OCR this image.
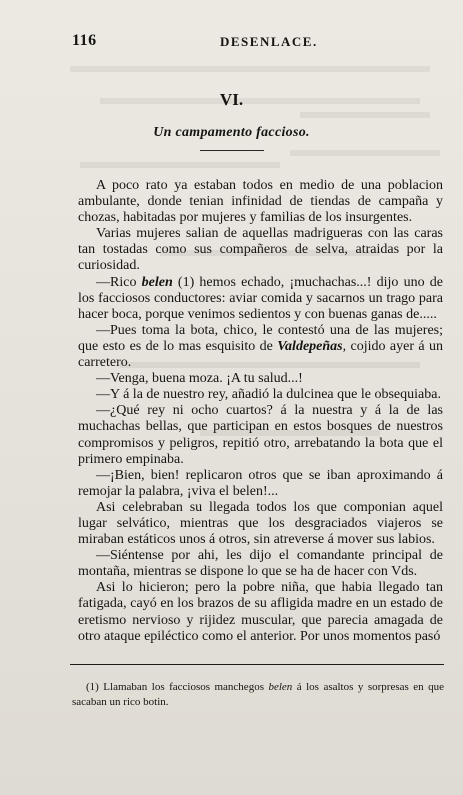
116	DESENLACE.
VI.
Un campamento faccioso.

A poco rato ya estaban todos en medio de una poblacion ambulante, donde tenian infinidad de tiendas de campaña y chozas, habitadas por mujeres y familias de los insurgentes.

Varias mujeres salian de aquellas madrigueras con las caras tan tostadas como sus compañeros de selva, atraidas por la curiosidad.

—Rico belen (1) hemos echado, ¡muchachas...! dijo uno de los facciosos conductores: aviar comida y sacarnos un trago para hacer boca, porque venimos sedientos y con buenas ganas de.....

—Pues toma la bota, chico, le contestó una de las mujeres; que esto es de lo mas esquisito de Valdepeñas, cojido ayer á un carretero.

—Venga, buena moza. ¡A tu salud...!

—Y á la de nuestro rey, añadió la dulcinea que le obsequiaba.

—¿Qué rey ni ocho cuartos? á la nuestra y á la de las muchachas bellas, que participan en estos bosques de nuestros compromisos y peligros, repitió otro, arrebatando la bota que el primero empinaba.

—¡Bien, bien! replicaron otros que se iban aproximando á remojar la palabra, ¡viva el belen!...

Asi celebraban su llegada todos los que componian aquel lugar selvático, mientras que los desgraciados viajeros se miraban estáticos unos á otros, sin atreverse á mover sus labios.

—Siéntense por ahi, les dijo el comandante principal de montaña, mientras se dispone lo que se ha de hacer con Vds.

Asi lo hicieron; pero la pobre niña, que habia llegado tan fatigada, cayó en los brazos de su afligida madre en un estado de eretismo nervioso y rijidez muscular, que parecia amagada de otro ataque epiléctico como el anterior. Por unos momentos pasó

(1) Llamaban los facciosos manchegos belen á los asaltos y sorpresas en que sacaban un rico botin.
